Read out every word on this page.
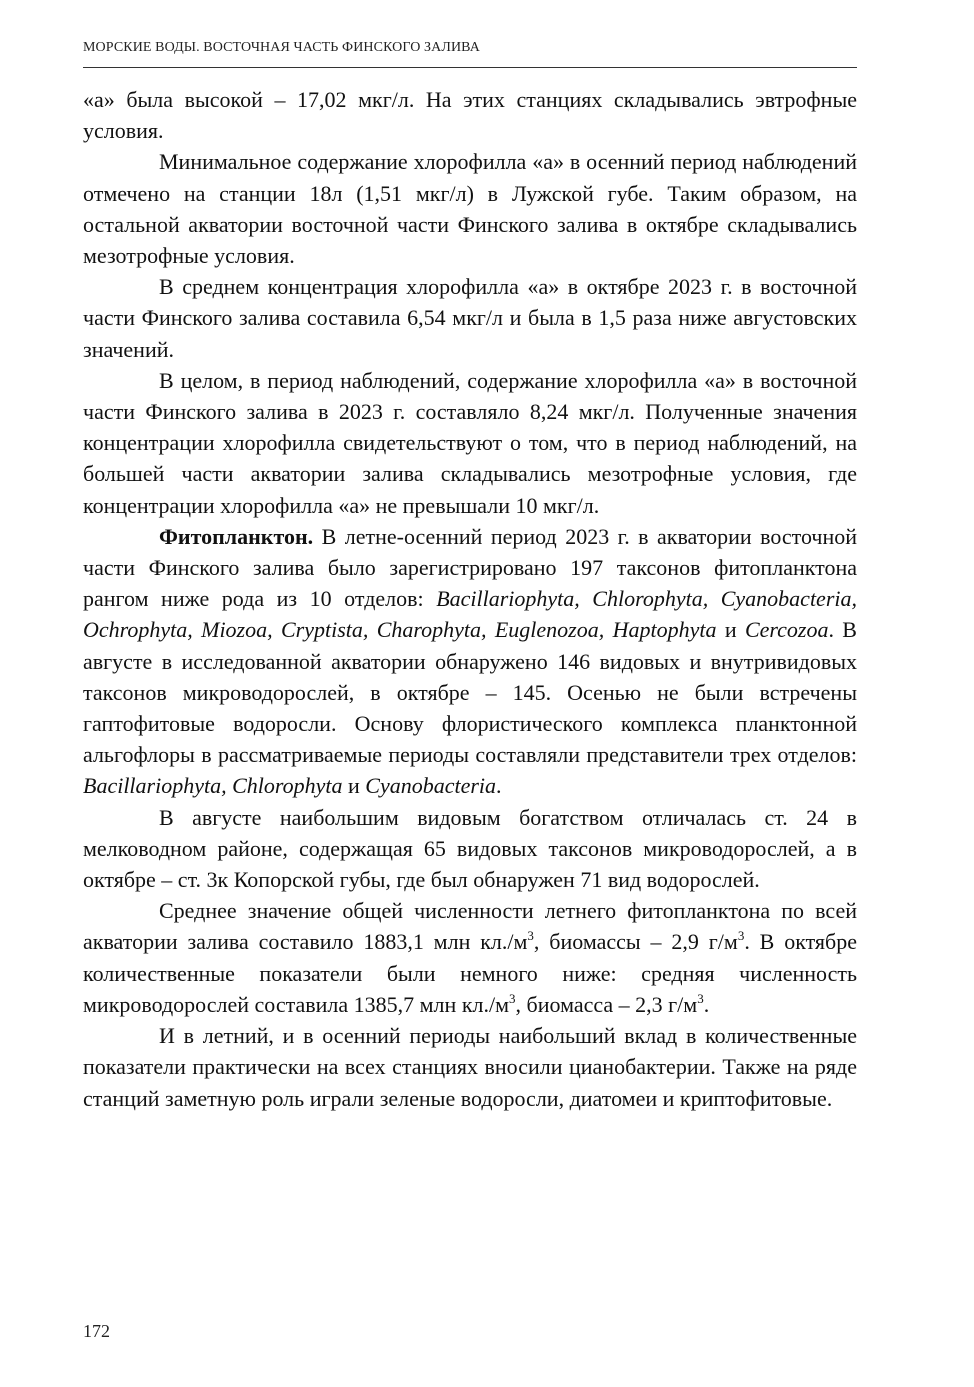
МОРСКИЕ ВОДЫ. ВОСТОЧНАЯ ЧАСТЬ ФИНСКОГО ЗАЛИВА

«а» была высокой – 17,02 мкг/л. На этих станциях складывались эвтрофные условия.

Минимальное содержание хлорофилла «а» в осенний период наблюдений отмечено на станции 18л (1,51 мкг/л) в Лужской губе. Таким образом, на остальной акватории восточной части Финского залива в октябре складывались мезотрофные условия.

В среднем концентрация хлорофилла «а» в октябре 2023 г. в восточной части Финского залива составила 6,54 мкг/л и была в 1,5 раза ниже августовских значений.

В целом, в период наблюдений, содержание хлорофилла «а» в восточной части Финского залива в 2023 г. составляло 8,24 мкг/л. Полученные значения концентрации хлорофилла свидетельствуют о том, что в период наблюдений, на большей части акватории залива складывались мезотрофные условия, где концентрации хлорофилла «а» не превышали 10 мкг/л.

Фитопланктон. В летне-осенний период 2023 г. в акватории восточной части Финского залива было зарегистрировано 197 таксонов фитопланктона рангом ниже рода из 10 отделов: Bacillariophyta, Chlorophyta, Cyanobacteria, Ochrophyta, Miozoa, Cryptista, Charophyta, Euglenozoa, Haptophyta и Cercozoa. В августе в исследованной акватории обнаружено 146 видовых и внутривидовых таксонов микроводорослей, в октябре – 145. Осенью не были встречены гаптофитовые водоросли. Основу флористического комплекса планктонной альгофлоры в рассматриваемые периоды составляли представители трех отделов: Bacillariophyta, Chlorophyta и Cyanobacteria.

В августе наибольшим видовым богатством отличалась ст. 24 в мелководном районе, содержащая 65 видовых таксонов микроводорослей, а в октябре – ст. 3к Копорской губы, где был обнаружен 71 вид водорослей.

Среднее значение общей численности летнего фитопланктона по всей акватории залива составило 1883,1 млн $кл./м^3$, биомассы – 2,9 $г/м^3$. В октябре количественные показатели были немного ниже: средняя численность микроводорослей составила 1385,7 млн $кл./м^3$, биомасса – 2,3 $г/м^3$.

И в летний, и в осенний периоды наибольший вклад в количественные показатели практически на всех станциях вносили цианобактерии. Также на ряде станций заметную роль играли зеленые водоросли, диатомеи и криптофитовые.

172
